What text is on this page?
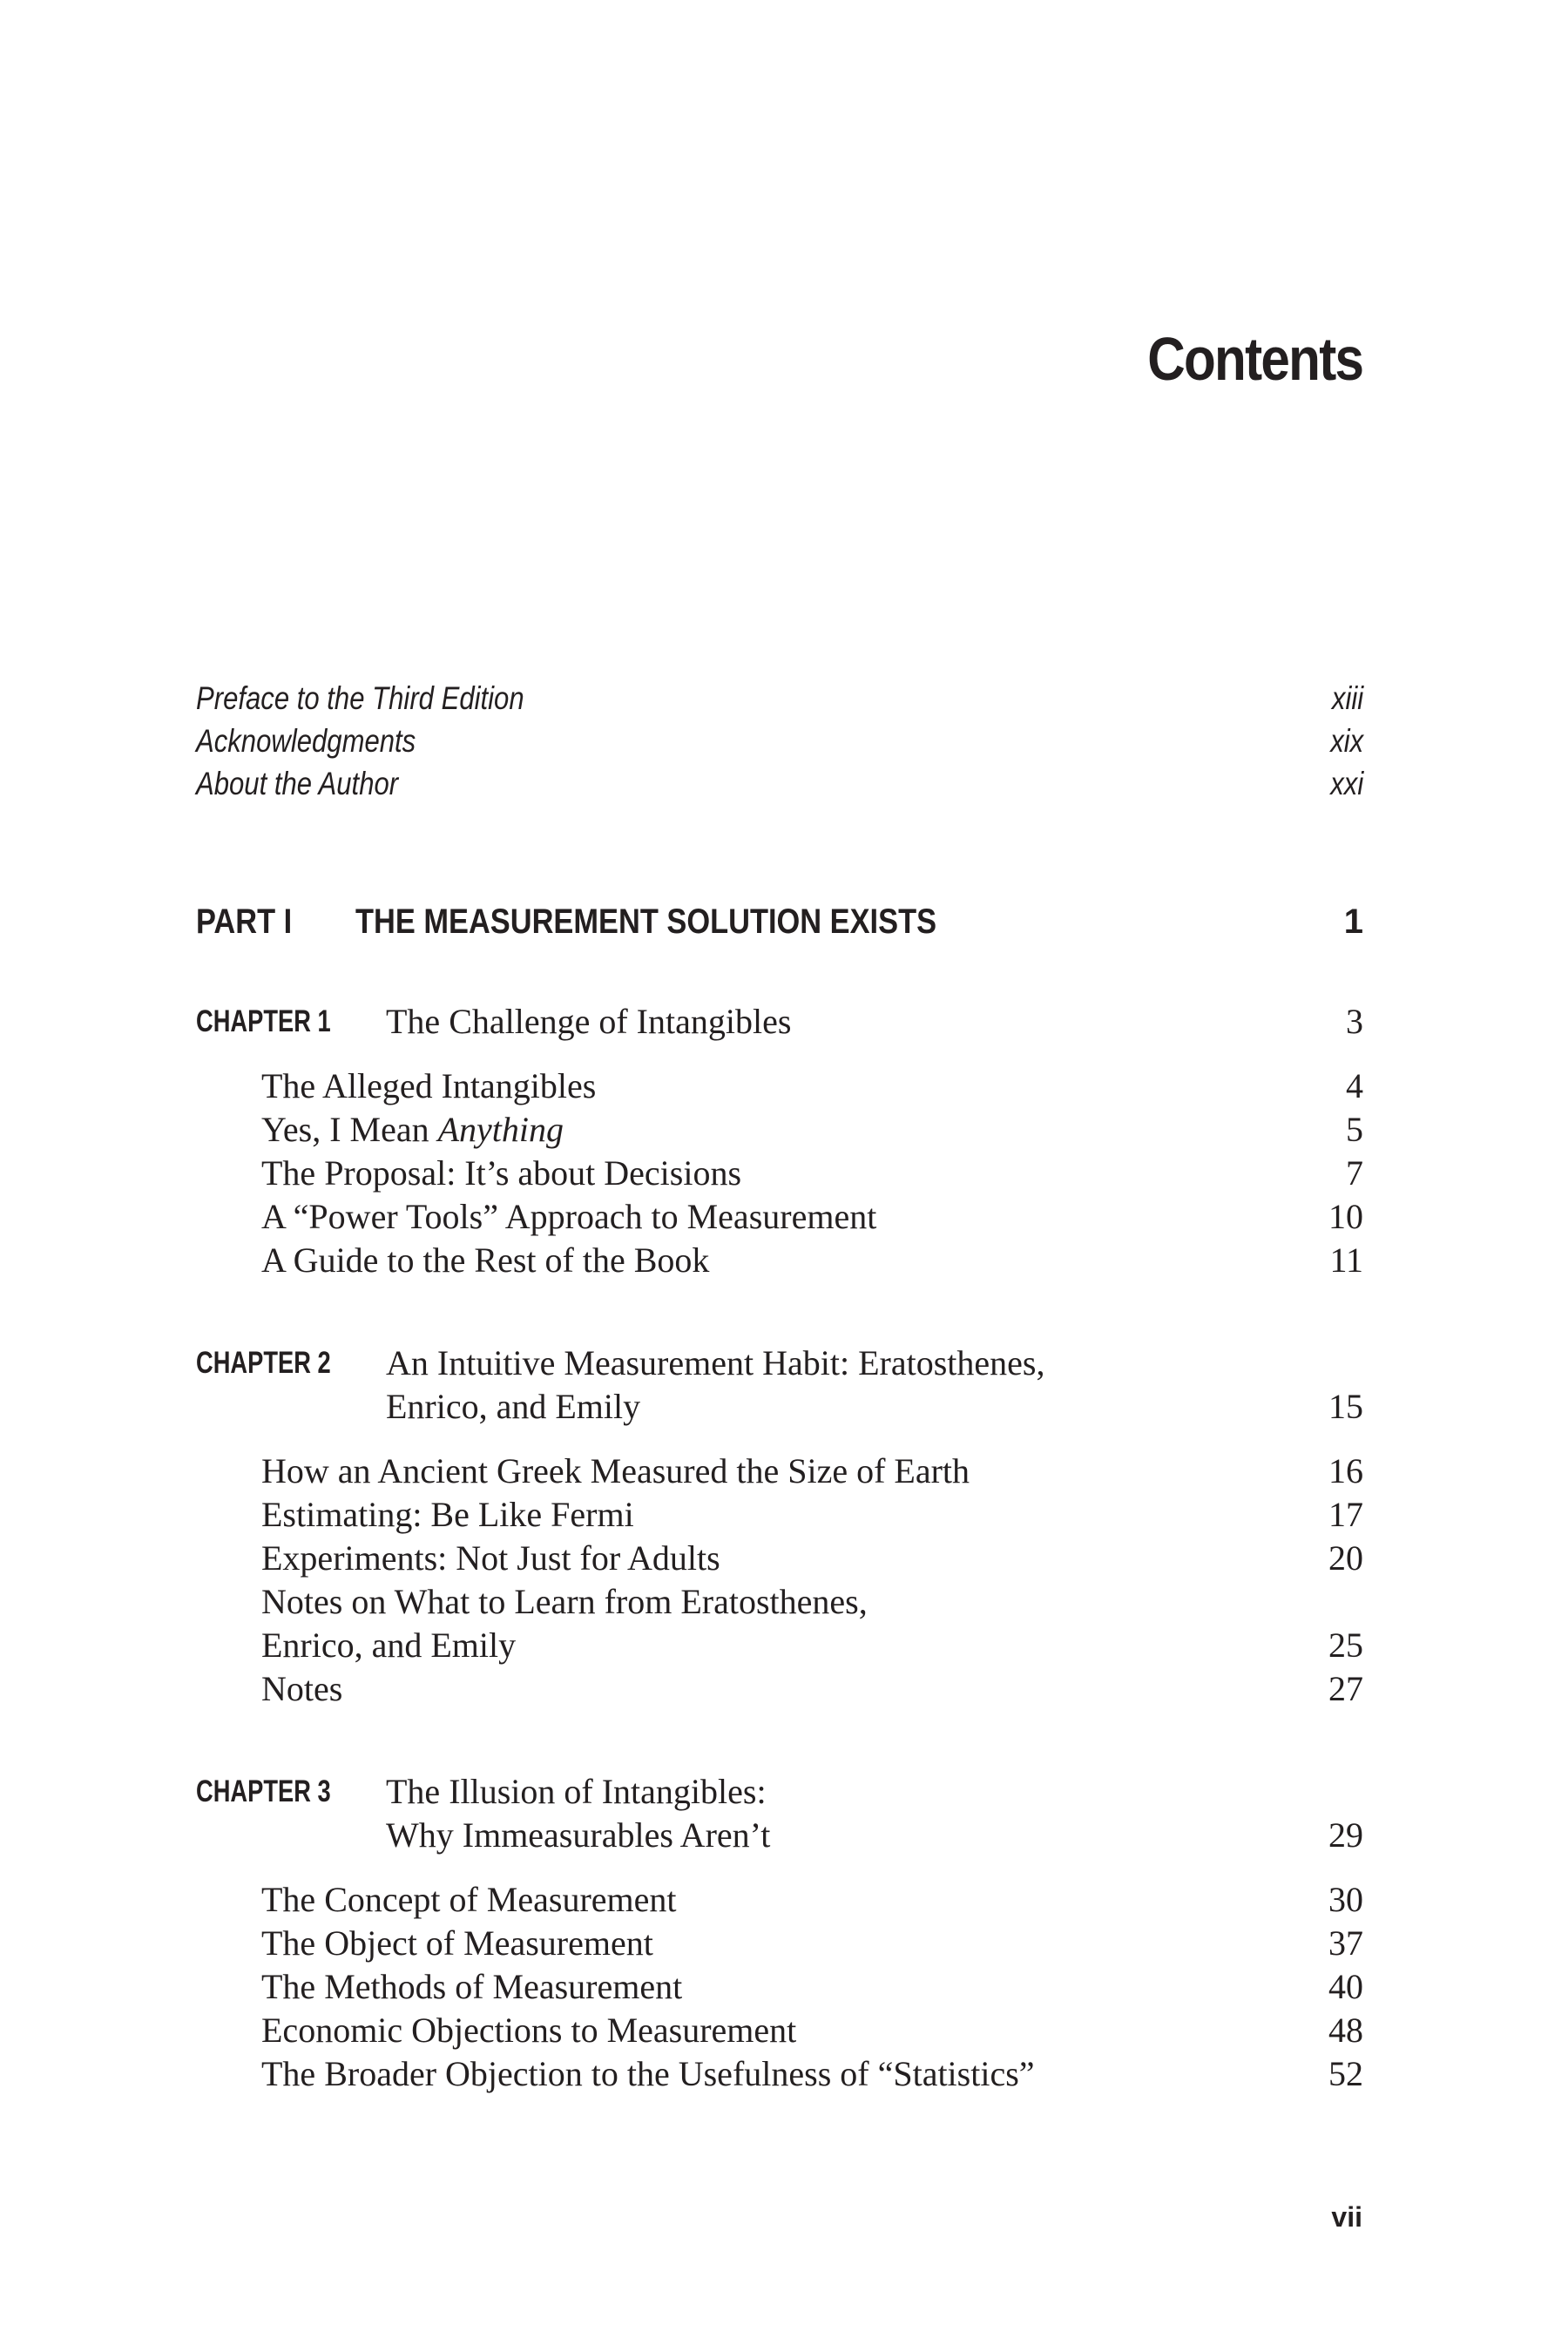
Contents
Preface to the Third Edition	xiii
Acknowledgments	xix
About the Author	xxi
PART I THE MEASUREMENT SOLUTION EXISTS	1
CHAPTER 1 The Challenge of Intangibles	3
The Alleged Intangibles	4
Yes, I Mean Anything	5
The Proposal: It’s about Decisions	7
A “Power Tools” Approach to Measurement	10
A Guide to the Rest of the Book	11
CHAPTER 2 An Intuitive Measurement Habit: Eratosthenes,
Enrico, and Emily	15
How an Ancient Greek Measured the Size of Earth	16
Estimating: Be Like Fermi	17
Experiments: Not Just for Adults	20
Notes on What to Learn from Eratosthenes,
Enrico, and Emily	25
Notes	27
CHAPTER 3 The Illusion of Intangibles:
Why Immeasurables Aren’t	29
The Concept of Measurement	30
The Object of Measurement	37
The Methods of Measurement	40
Economic Objections to Measurement	48
The Broader Objection to the Usefulness of “Statistics”	52
vii
